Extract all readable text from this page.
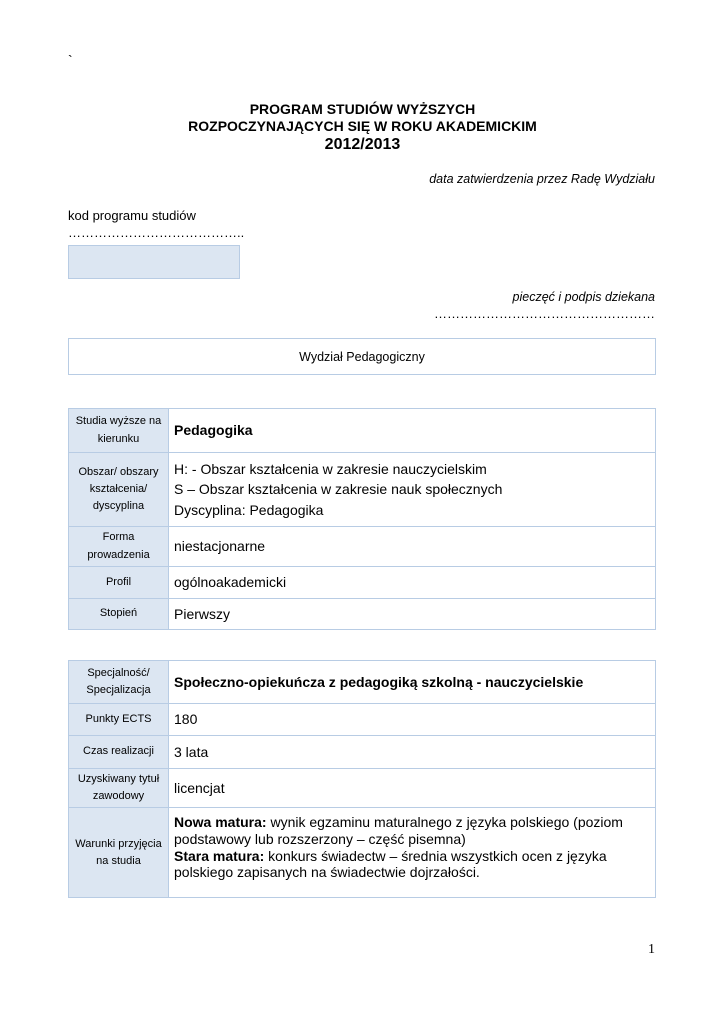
`
PROGRAM STUDIÓW WYŻSZYCH
ROZPOCZYNAJĄCYCH SIĘ W ROKU AKADEMICKIM
2012/2013
data zatwierdzenia przez Radę Wydziału
kod programu studiów
…………………………………..
pieczęć i podpis dziekana
……………………………………………
Wydział Pedagogiczny
Studia wyższe na kierunku	Pedagogika
Obszar/ obszary kształcenia/ dyscyplina	H: - Obszar kształcenia w zakresie nauczycielskim
S – Obszar kształcenia w zakresie nauk społecznych
Dyscyplina: Pedagogika

Forma prowadzenia	niestacjonarne
Profil	ogólnoakademicki
Stopień	Pierwszy
Specjalność/ Specjalizacja	Społeczno-opiekuńcza z pedagogiką szkolną - nauczycielskie
Punkty ECTS	180
Czas realizacji	3 lata
Uzyskiwany tytuł zawodowy	licencjat
Warunki przyjęcia na studia	Nowa matura: wynik egzaminu maturalnego z języka polskiego (poziom podstawowy lub rozszerzony – część pisemna)
Stara matura: konkurs świadectw – średnia wszystkich ocen z języka polskiego zapisanych na świadectwie dojrzałości.
1
